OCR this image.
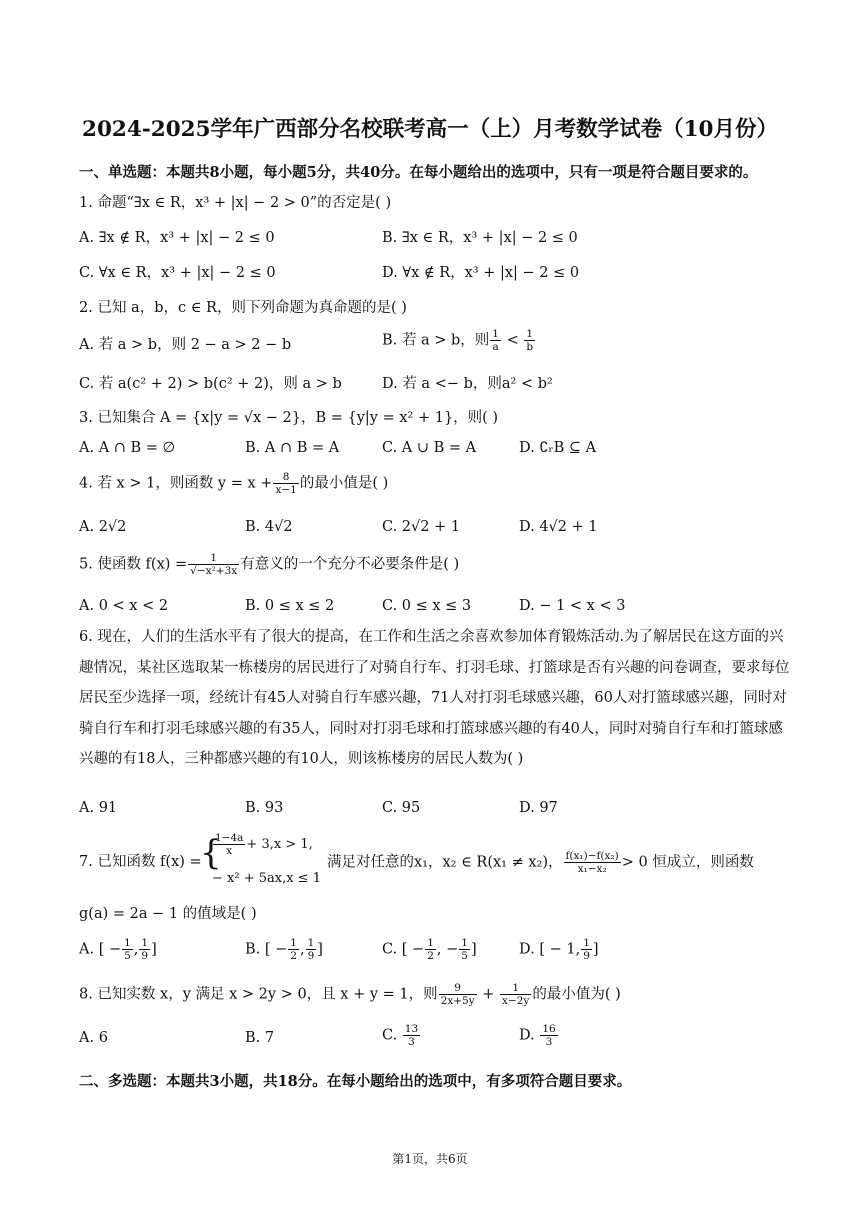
2024-2025学年广西部分名校联考高一（上）月考数学试卷（10月份）
一、单选题：本题共8小题，每小题5分，共40分。在每小题给出的选项中，只有一项是符合题目要求的。
1. 命题“∃x ∈ R，x³ + |x| − 2 > 0”的否定是( )
A. ∃x ∉ R，x³ + |x| − 2 ≤ 0	B. ∃x ∈ R，x³ + |x| − 2 ≤ 0
C. ∀x ∈ R，x³ + |x| − 2 ≤ 0	D. ∀x ∉ R，x³ + |x| − 2 ≤ 0
2. 已知 a，b，c ∈ R，则下列命题为真命题的是( )
A. 若 a > b，则 2 − a > 2 − b	B. 若 a > b，则 $\frac{1}{a} < \frac{1}{b}$
C. 若 a(c² + 2) > b(c² + 2)，则 a > b	D. 若 a <− b，则a² < b²
3. 已知集合 A = {x|y = √x − 2}，B = {y|y = x² + 1}，则( )
A. A ∩ B = ∅	B. A ∩ B = A	C. A ∪ B = A	D. ∁ᵣB ⊆ A
4. 若 x > 1，则函数 $y = x + \frac{8}{x-1}$ 的最小值是( )
A. 2√2	B. 4√2	C. 2√2 + 1	D. 4√2 + 1
5. 使函数 $f(x) = \frac{1}{\text{√−x²+3x}}$ 有意义的一个充分不必要条件是( )
A. 0 < x < 2	B. 0 ≤ x ≤ 2	C. 0 ≤ x ≤ 3	D. − 1 < x < 3
6. 现在，人们的生活水平有了很大的提高，在工作和生活之余喜欢参加体育锻炼活动.为了解居民在这方面的兴趣情况，某社区选取某一栋楼房的居民进行了对骑自行车、打羽毛球、打篮球是否有兴趣的问卷调查，要求每位居民至少选择一项，经统计有45人对骑自行车感兴趣，71人对打羽毛球感兴趣，60人对打篮球感兴趣，同时对骑自行车和打羽毛球感兴趣的有35人，同时对打羽毛球和打篮球感兴趣的有40人，同时对骑自行车和打篮球感兴趣的有18人，三种都感兴趣的有10人，则该栋楼房的居民人数为( )
A. 91	B. 93	C. 95	D. 97
7. 已知函数 f(x) =
{
$\frac{1-4a}{x} + 3,x > 1$,
− x² + 5ax,x ≤ 1
满足对任意的x₁，x₂ ∈ R(x₁ ≠ x₂)， $\frac{\text{f(x₁)−f(x₂)}}{\text{x₁−x₂}} > 0$ 恒成立，则函数
g(a) = 2a − 1 的值域是( )
A. [ − $\frac{1}{5}$ , $\frac{1}{9}$ ]	B. [ − $\frac{1}{2}$ , $\frac{1}{9}$ ]	C. [ − $\frac{1}{2}$ , − $\frac{1}{5}$ ]	D. [ − 1, $\frac{1}{9}$ ]
8. 已知实数 x，y 满足 x > 2y > 0，且 x + y = 1，则 $\frac{9}{2x+5y} + \frac{1}{x-2y}$ 的最小值为( )
A. 6	B. 7	C. $\frac{13}{3}$	D. $\frac{16}{3}$
二、多选题：本题共3小题，共18分。在每小题给出的选项中，有多项符合题目要求。
第1页，共6页
